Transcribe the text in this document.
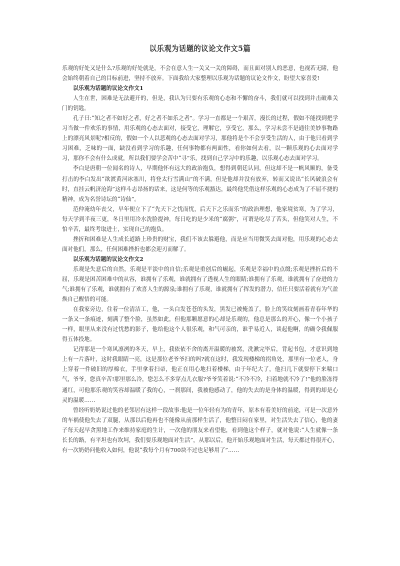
以乐观为话题的议论文作文5篇

乐观的好处又是什么?乐观的好处就是，不会在意人生一关又一关的障碍，而且面对别人的恶意，也视若无睹，他会始终朝着自己的目标前进，坚持不放弃。下面我给大家整理以乐观为话题的议论文作文，盼望大家喜爱!

以乐观为话题的议论文作文1

人生在世，困难是无法避开的，但是，我认为只要有乐观的心态和不懈的奋斗，我们就可以找到并击破难关门的钥匙。

孔子曰:“知之者不如好之者，好之者不如乐之者”。学习一直都是一个艰苦，漫长的过程，假如不能找到把学习当做一件欢乐的事情，用乐观的心态去面对，接受它，理解它，享受它，那么，学习未尝不是通往美妙事物路上的漂亮风景呢?相反的，假如一个人以悲观的心态去面对学习，那他将是个不会享受生活的人，由于他只看到学习困难，乏味的一面，缺没看到学习的乐趣，任何事物都有两面性，看你如何去看，以一颗乐观的心去面对学习，那你不会有什么成就，所以我们要学会苦中“寻”乐，找到自己学习中的乐趣，以乐观心态去面对学习。

李白是唐朝一位闻名的诗人，早期他怀有远大的政治抱负，想得到朝廷认同，但这却不是一帆风顺的，备受打击的李白发出“欲渡黄河冰塞川，将登太行雪满山”的不满，但是他却并没有放弃，转而又说出“长风破浪会有时，直挂云帆济沧海”这样斗志昂扬的话来，这是何等的乐观豁达，最终他凭借这样乐观的心态成为了不屈不挠的精神，成为名誉诗坛的“诗仙”。

范仲淹幼年丧父，早年便立下了“先天下之忧而忧，后天下之乐而乐”的政治理想，他家境贫寒，为了学习，每天学到半夜三更，冬日里用冷水洗脸提神，每日吃的是少米的“腐粥”，可谓是吃尽了苦头，但他笑对人生，不怕辛苦，最终考取进士，实现自己的抱负。

挫折和困难是人生成长道路上珍贵的财宝，我们不该去躲避他，而是应当用微笑去面对他，用乐观的心态去面对他们，那么，任何困难挫折也都会迎刃而解了。

以乐观为话题的议论文作文2

乐观是失意后的自然，乐观是平淡中的自信;乐观是重创后的崛起，乐观是幸福中的点缀;乐观是挫折后的不屈，乐观是困苦困难中的从容，谁拥有了乐观，谁就拥有了透视人生的眼睛;谁拥有了乐观，谁就拥有了奋进的力气;谁拥有了乐观，谁就拥有了欢喜人生的源泉;谁拥有了乐观，谁就拥有了挥发的潜力，信任只要活着就有为气盈焕自己醒悟的可能。

在我家旁边，住着一位清洁工，他，一头白发苍苍的头发，黑发已被掩盖了，脸上的笑纹刻画着青春年华的一条又一条痕迹，刻满了整个脸，虽然如此，但他那颗愿意的心却是乐观的，他总是那么的开心，像一个小孩子一样，眼里从来没有过忧愁的影子，他给他这个人很乐观，和气可亲的，谁乎易近人，谈起他啊，的确令我佩服得五体投地。

记得那是一个寒风凛冽的冬天，早上，我依依不舍的离开温暖的被窝，洗漱完毕后，背起书包，才意识到地上有一片落叶，这时我眼睛一亮，这是那位老爷爷扫的吗?就在这时，我发现楼梯的拐角处，那里有一位老人，身上穿着一件破旧的厚棉衣，手里拿着扫帚，他正在用心地扫着楼梯，由于年纪大了，他扫几下就要停下来喘口气，爷爷，您真辛苦!那里那么冷，您怎么不多穿点儿衣服?爷爷笑着说:“不冷不冷，扫着地就不冷了!”他的脸冻得通红，可他那乐观的笑容却温暖了我的心，一刹那间，我被他感动了，他的失去的是身体的温暖，得到的却是心灵的温暖……

曾经听奶奶说过他的老邻居有这样一段故事:他是一位年轻有为的青年，原本有着美好的前途，可是一次意外的车祸使他失去了双腿，从那以后他再也不能像从前那样生活了，他整日闷在家里，对生活失去了信心，他的妻子每天起早贪黑地工作来维持家庭的生计，一次他的朋友来看望他，看到他这个样子，就对他说:“人生就像一条长长的路，有平坦也有坎坷，我们要乐观地面对生活”，从那以后，他开始乐观地面对生活，每天都过得很开心，有一次奶奶问他收入如何，他说“我每个月有700块不过也足够用了”……
